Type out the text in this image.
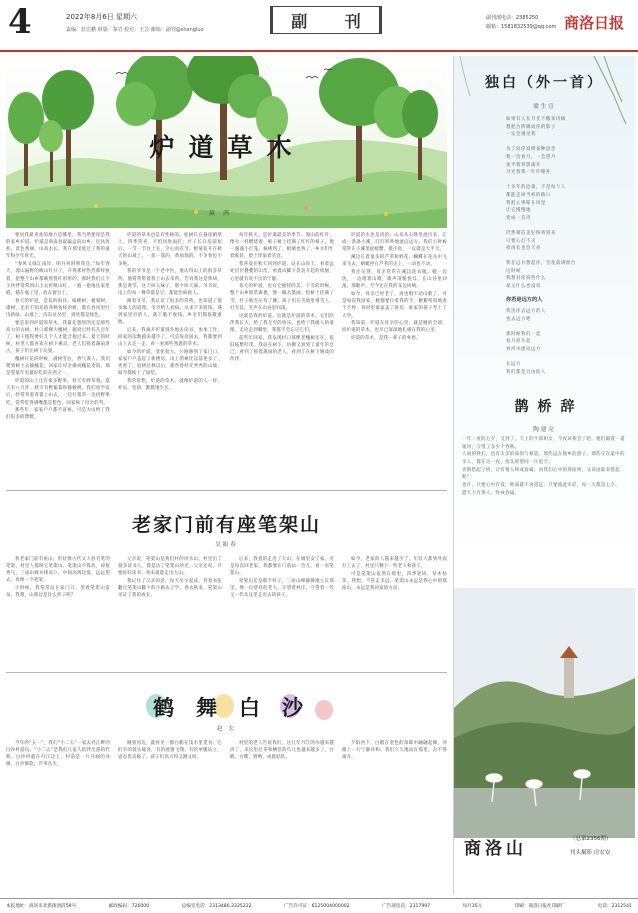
4	2022年8月6日 星期六
责编：杜宏鹏 组版：秦岩 校对：王芸 邮箱：副刊@shangluo	副 刊	副刊部电话：2385250
邮箱：1581832539@qq.com 商洛日报
炉道草木
赢 鸿

要问我最喜欢的地方是哪里，我当然要说是我的家乡炉道。炉道是商南县最偏远的山乡，民风淳朴，景色秀丽，山高水长。我在那里度过了我的童年和少年时光。

“春风又绿江南岸，明月何时照我还。”每年春天，漫山遍野的映山红开了，开得那样热烈那样执着，把整个山乡都映照得红彤彤的。那时我们几个小伙伴常常到山上去折映山红，一抱一抱地往家里抱，插在瓶子里，放在窗台上。

春天的炉道，是花的海洋。核桃树，板栗树，漆树，还有不知名的各种各样的树，都在春风里吐出新绿。山坡上，沟沟岔岔里，到处都是绿色。

要是说到炉道的草木，我最先想到的还是那些高大的古树。村口那棵大槐树，据说已经有几百年了，树干粗得要好几个人才能合抱过来。夏天的时候，村里人都喜欢在树下乘凉，老人们摇着蒲扇讲古，孩子们在树下玩耍。

槐树开花的时候，满树雪白，香气袭人。我们爬到树上去摘槐花，回家让母亲做成槐花麦饭，那是我童年里最好吃的东西之一。

炉道的山上还有很多野果。春天有野草莓，夏天有八月炸，秋天有野葡萄和猕猴桃。我们放学以后，经常背着背篓上山去，一边打猪草一边找野果吃，常常吃得满嘴都是紫色，回家挨了母亲的骂。

那些年，家家户户都不富裕，可是大山给了我们很多的馈赠。

炉道的草木也是有性格的。松树长在悬崖峭壁上，四季常青，不怕风吹雨打；竹子长在房前屋后，一节一节往上长，空心而有节；野菊花开在秋天的山坡上，一簇一簇的，黄灿灿的，不争春也不争艳。

我的爷爷是一个老中医，他认得山上的很多草药。他常常带着我上山去采药，告诉我这是柴胡，那是黄芩，这个叫五味子，那个叫天麻。爷爷说，山上的每一棵草都是宝，都能治病救人。

跟着爷爷，我认识了很多的草药，也知道了很多做人的道理。爷爷给人看病，从来不多收钱，遇到家里穷的人，就干脆不收钱。乡亲们都很敬重他。

后来，我离开炉道到外地去读书，参加工作，回家的次数越来越少了。可是每次回去，我都要到山上去走一走，看一看那些熟悉的草木。

如今的炉道，变化很大。公路修到了家门口，家家户户盖起了新楼房。山上的树比以前更多了，更密了。退耕还林以后，那些曾经光秃秃的山坡，如今都披上了绿装。

我常常想，炉道的草木，就像炉道的人一样，朴实，坚韧，默默地生长。

每年秋天，是炉道最美的季节。漫山的红叶，像火一样燃烧着。柿子树上挂满了红红的柿子，像一盏盏小灯笼。核桃熟了，板栗也熟了，乡亲们忙着收获，脸上洋溢着笑容。

我喜欢在秋天回到炉道，站在山顶上，看着远处层层叠叠的山峦，看着山脚下袅袅升起的炊烟，心里就有说不出的宁静。

冬天的炉道，也有它独特的美。下雪的时候，整个山乡银装素裹，像一幅水墨画。松树上挂满了雪，竹子被雪压弯了腰。孩子们在雪地里堆雪人，打雪仗，笑声在山谷里回荡。

这就是我的炉道，这就是炉道的草木。它们陪伴我长大，给了我无穷的快乐，也给了我做人的道理。无论走到哪里，我都不会忘记它们。

前些年回家，我发现村口那棵老槐树还在，依旧枝繁叶茂。我站在树下，仿佛又看到了童年的自己，看到了摇着蒲扇的老人，看到了在树下嬉戏的伙伴。

炉道的水也是清的。山泉从石缝里流出来，汇成一条条小溪，叮叮咚咚地流向远方。我们小时候常常在小溪里捉螃蟹，摸小鱼，一玩就是大半天。

溪边长着很多的芦苇和野花，蝴蝶在花丛中飞来飞去，蜻蜓停在芦苇的尖上，一动也不动。

我还记得，母亲常常在溪边洗衣服。她一边洗，一边唱着山歌，歌声清脆悦耳，在山谷里回荡。那歌声，至今还在我的耳边回响。

如今，母亲已经老了，再也唱不动山歌了。可是每次我回家，她都要拉着我的手，絮絮叨叨地说个不停，说村里谁家盖了新房，谁家的孩子考上了大学。

我知道，炉道在母亲的心里，就是她的全部。而炉道的草木，也早已深深地扎根在我的心里。

炉道的草木，是我一辈子的乡愁。

老家门前有座笔架山
吴振春

我老家门前有座山，形状像古代文人放毛笔的笔架，村里人都叫它笔架山。笔架山不算高，却很秀气，三座山峰并排而立，中间高两边低，远远望去，真像一个笔架。

小时候，我常常站在家门口，望着笔架山发呆。我想，山那边是什么样子呢？

父亲说，笔架山是我们村的风水山。村里出了很多读书人，都是沾了笔架山的光。父亲还说，只要好好读书，将来就能走出大山。

我记住了父亲的话，每天早早起床，背着书包翻过笔架山脚下的小路去上学。春去秋来，笔架山见证了我的成长。

后来，我真的走出了大山，在城里安了家。可是每次回老家，我都要在门前站一会儿，看一看笔架山。

笔架山还是那个样子，三座山峰静静地立在那里，像一位慈祥的老人，守望着村庄，守望着一代又一代从这里走出去的孩子。

如今，老家的人越来越少了，年轻人都到外面打工去了，村里只剩下一些老人和孩子。

可是笔架山依然在那里，四季轮回，草木枯荣。我想，不管走多远，笔架山永远是我心中的那座山，永远是我回家的方向。

鹤舞白沙
赵 宏

今年的“五一”，我们“小二五”一家去丹江畔的白沙村游玩。“小二五”是我们几家人结伴出游的代称。白沙村就在丹江边上，村前是一片开阔的河滩，白沙细软，芦苇丛生。

刚到河边，就看见一群白鹤在浅水里觅食。它们有的低头啄食，有的展翅飞翔，有的单腿站立，姿态优美极了。孩子们高兴得又跳又叫。

村里的老人告诉我们，这几年丹江的水越来越清了，来这里过冬和栖息的鸟儿也越来越多了，白鹤、白鹭、野鸭，成群结队。

夕阳西下，白鹤在金色的余晖中翩翩起舞，河滩上一片宁静祥和。我们久久地站在那里，舍不得离开。

独白（外一首）
梁生宣
如果有人在月光下搬来诗稿
想把台阶砌成你的影子
一定会遇见我

为了向你说明某种思念
我一会看月，一会望月
夜半我背影离开
月光替我一针针缝补

十多年的沧桑，不是每个人
都能走回当初的路口
我把心事晾在风里
让它慢慢地
变成一首诗

仍然相信美好终将到来
只要心灯不灭
夜再长也会天亮

我在远方想起你，雪花落满窗台
这时候
我想对你说些什么
却又什么也没说
你若是远方的人
我送你去远方的人
也去远方吧

那时候我们一起
看月亮升起
看河水流向远方

在远方
我们都是自由的人
鹊桥辞
陶建亮

一年一度的七夕，又到了。天上的牛郎织女，今夜该相会了吧。他们隔着一道银河，守望了多少个春秋。

人间的我们，也有太多的离别与相思。那些远在他乡的游子，那些守在家中的亲人，都在这一夜，抬头仰望同一片星空。

喜鹊搭起了桥，让有情人终成眷属。而我们心中的那座桥，又该由谁来搭起呢？

也许，只要心中有爱，距离就不再遥远；只要彼此牵挂，每一天都是七夕。

愿天下有情人，终成眷属。

商洛山	（总第2356期）
刊头摄影 房宏安
本报地址：商洛市北新街西段59号	邮政编码：726000	总编室电话：2313486 2325222	广告许可证：6125004000002	广告部电话：2317997	每月35元	印刷：商洛日报社印刷厂	电话：2312541
